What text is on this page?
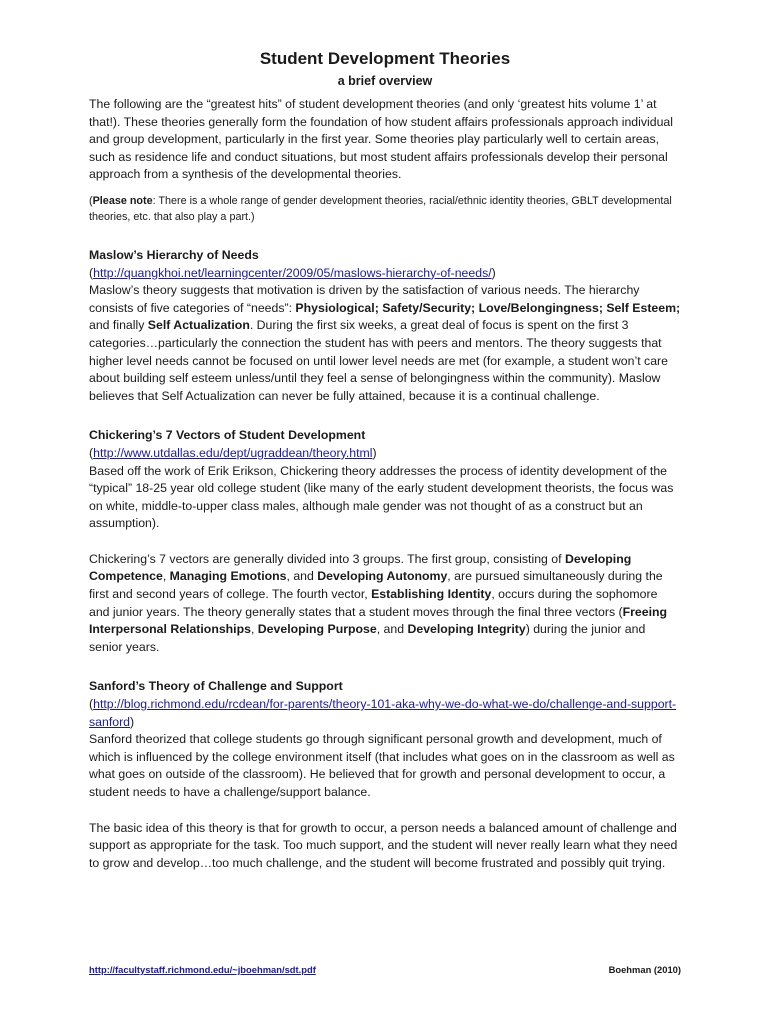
Student Development Theories
a brief overview

The following are the “greatest hits” of student development theories (and only ‘greatest hits volume 1’ at that!). These theories generally form the foundation of how student affairs professionals approach individual and group development, particularly in the first year. Some theories play particularly well to certain areas, such as residence life and conduct situations, but most student affairs professionals develop their personal approach from a synthesis of the developmental theories.

(Please note: There is a whole range of gender development theories, racial/ethnic identity theories, GBLT developmental theories, etc. that also play a part.)

Maslow’s Hierarchy of Needs
(http://quangkhoi.net/learningcenter/2009/05/maslows-hierarchy-of-needs/)

Maslow’s theory suggests that motivation is driven by the satisfaction of various needs. The hierarchy consists of five categories of “needs”: Physiological; Safety/Security; Love/Belongingness; Self Esteem; and finally Self Actualization. During the first six weeks, a great deal of focus is spent on the first 3 categories…particularly the connection the student has with peers and mentors. The theory suggests that higher level needs cannot be focused on until lower level needs are met (for example, a student won’t care about building self esteem unless/until they feel a sense of belongingness within the community). Maslow believes that Self Actualization can never be fully attained, because it is a continual challenge.

Chickering’s 7 Vectors of Student Development
(http://www.utdallas.edu/dept/ugraddean/theory.html)

Based off the work of Erik Erikson, Chickering theory addresses the process of identity development of the “typical” 18-25 year old college student (like many of the early student development theorists, the focus was on white, middle-to-upper class males, although male gender was not thought of as a construct but an assumption).

Chickering’s 7 vectors are generally divided into 3 groups. The first group, consisting of Developing Competence, Managing Emotions, and Developing Autonomy, are pursued simultaneously during the first and second years of college. The fourth vector, Establishing Identity, occurs during the sophomore and junior years. The theory generally states that a student moves through the final three vectors (Freeing Interpersonal Relationships, Developing Purpose, and Developing Integrity) during the junior and senior years.

Sanford’s Theory of Challenge and Support
(http://blog.richmond.edu/rcdean/for-parents/theory-101-aka-why-we-do-what-we-do/challenge-and-support-sanford)

Sanford theorized that college students go through significant personal growth and development, much of which is influenced by the college environment itself (that includes what goes on in the classroom as well as what goes on outside of the classroom). He believed that for growth and personal development to occur, a student needs to have a challenge/support balance.

The basic idea of this theory is that for growth to occur, a person needs a balanced amount of challenge and support as appropriate for the task. Too much support, and the student will never really learn what they need to grow and develop…too much challenge, and the student will become frustrated and possibly quit trying.

http://facultystaff.richmond.edu/~jboehman/sdt.pdf	Boehman (2010)
